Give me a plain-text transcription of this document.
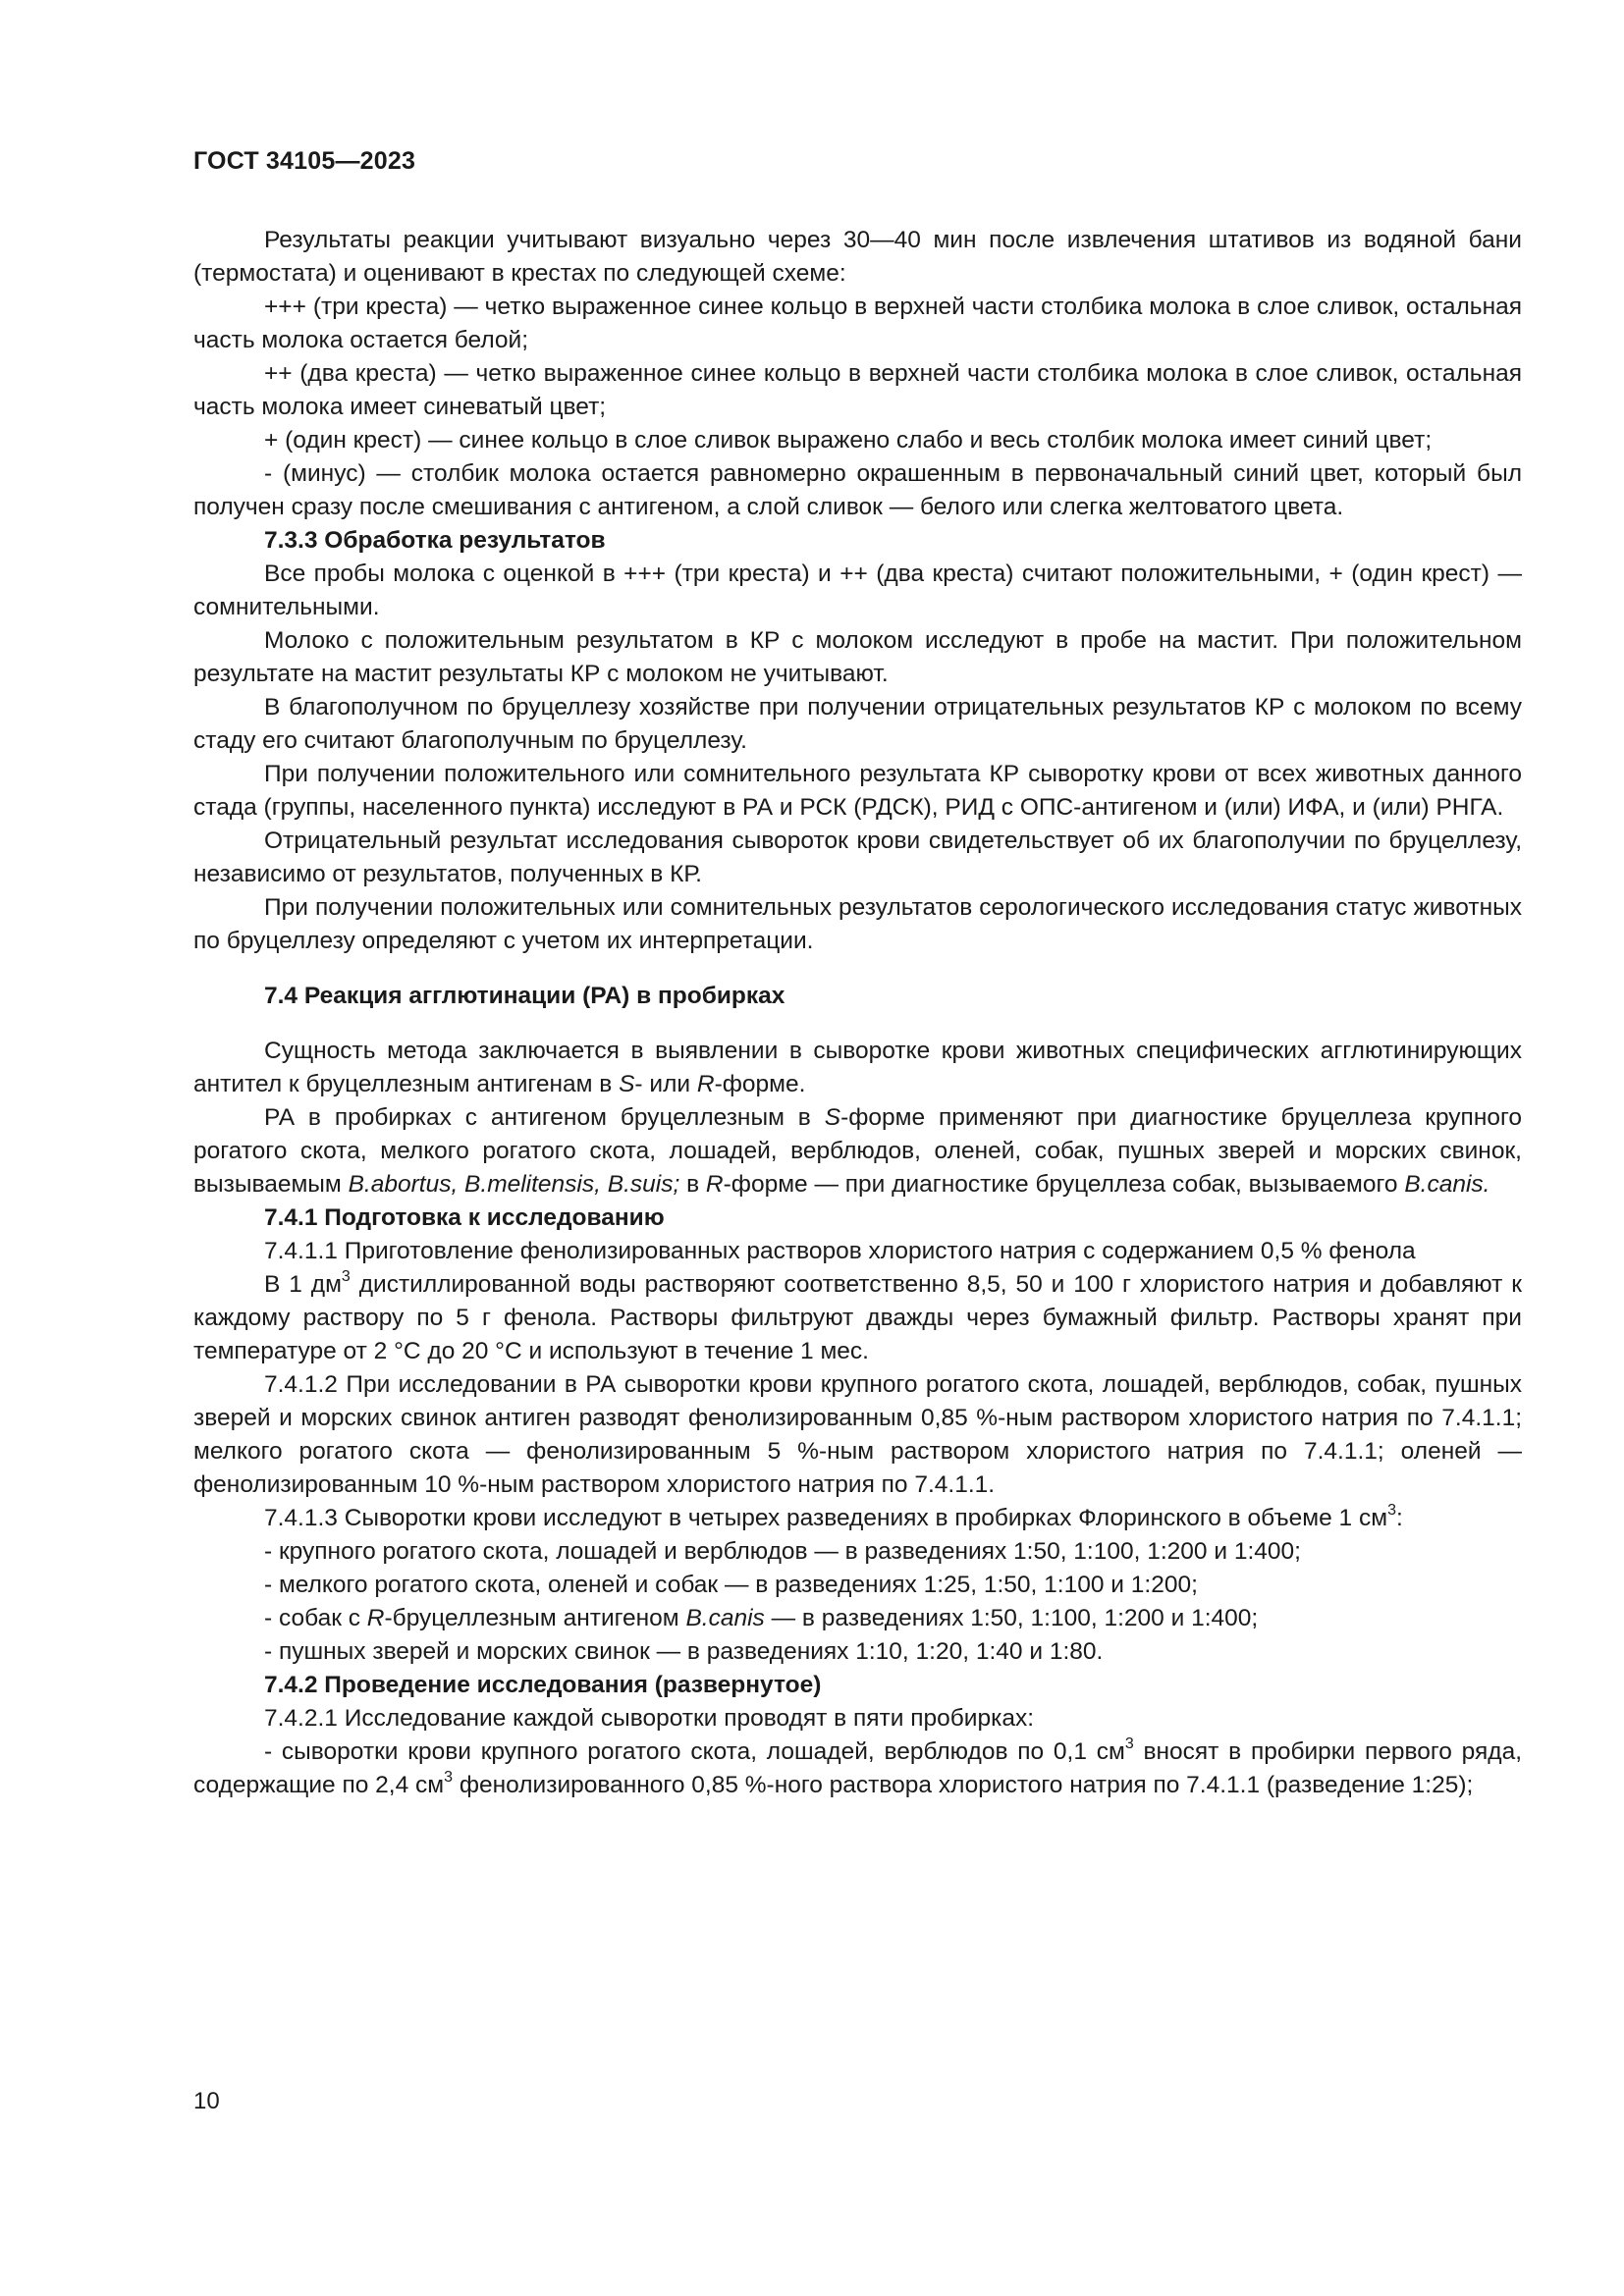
ГОСТ 34105—2023

Результаты реакции учитывают визуально через 30—40 мин после извлечения штативов из водяной бани (термостата) и оценивают в крестах по следующей схеме:

+++ (три креста) — четко выраженное синее кольцо в верхней части столбика молока в слое сливок, остальная часть молока остается белой;

++ (два креста) — четко выраженное синее кольцо в верхней части столбика молока в слое сливок, остальная часть молока имеет синеватый цвет;

+ (один крест) — синее кольцо в слое сливок выражено слабо и весь столбик молока имеет синий цвет;

- (минус) — столбик молока остается равномерно окрашенным в первоначальный синий цвет, который был получен сразу после смешивания с антигеном, а слой сливок — белого или слегка желтоватого цвета.

7.3.3 Обработка результатов

Все пробы молока с оценкой в +++ (три креста) и ++ (два креста) считают положительными, + (один крест) — сомнительными.

Молоко с положительным результатом в КР с молоком исследуют в пробе на мастит. При положительном результате на мастит результаты КР с молоком не учитывают.

В благополучном по бруцеллезу хозяйстве при получении отрицательных результатов КР с молоком по всему стаду его считают благополучным по бруцеллезу.

При получении положительного или сомнительного результата КР сыворотку крови от всех животных данного стада (группы, населенного пункта) исследуют в РА и РСК (РДСК), РИД с ОПС-антигеном и (или) ИФА, и (или) РНГА.

Отрицательный результат исследования сывороток крови свидетельствует об их благополучии по бруцеллезу, независимо от результатов, полученных в КР.

При получении положительных или сомнительных результатов серологического исследования статус животных по бруцеллезу определяют с учетом их интерпретации.

7.4 Реакция агглютинации (РА) в пробирках

Сущность метода заключается в выявлении в сыворотке крови животных специфических агглютинирующих антител к бруцеллезным антигенам в S- или R-форме.

РА в пробирках с антигеном бруцеллезным в S-форме применяют при диагностике бруцеллеза крупного рогатого скота, мелкого рогатого скота, лошадей, верблюдов, оленей, собак, пушных зверей и морских свинок, вызываемым B.abortus, B.melitensis, B.suis; в R-форме — при диагностике бруцеллеза собак, вызываемого B.canis.

7.4.1 Подготовка к исследованию

7.4.1.1 Приготовление фенолизированных растворов хлористого натрия с содержанием 0,5 % фенола

В 1 $дм^3$ дистиллированной воды растворяют соответственно 8,5, 50 и 100 г хлористого натрия и добавляют к каждому раствору по 5 г фенола. Растворы фильтруют дважды через бумажный фильтр. Растворы хранят при температуре от 2 °С до 20 °С и используют в течение 1 мес.

7.4.1.2 При исследовании в РА сыворотки крови крупного рогатого скота, лошадей, верблюдов, собак, пушных зверей и морских свинок антиген разводят фенолизированным 0,85 %-ным раствором хлористого натрия по 7.4.1.1; мелкого рогатого скота — фенолизированным 5 %-ным раствором хлористого натрия по 7.4.1.1; оленей — фенолизированным 10 %-ным раствором хлористого натрия по 7.4.1.1.

7.4.1.3 Сыворотки крови исследуют в четырех разведениях в пробирках Флоринского в объеме 1 $см^3$:

- крупного рогатого скота, лошадей и верблюдов — в разведениях 1:50, 1:100, 1:200 и 1:400;

- мелкого рогатого скота, оленей и собак — в разведениях 1:25, 1:50, 1:100 и 1:200;

- собак с R-бруцеллезным антигеном B.canis — в разведениях 1:50, 1:100, 1:200 и 1:400;

- пушных зверей и морских свинок — в разведениях 1:10, 1:20, 1:40 и 1:80.

7.4.2 Проведение исследования (развернутое)

7.4.2.1 Исследование каждой сыворотки проводят в пяти пробирках:

- сыворотки крови крупного рогатого скота, лошадей, верблюдов по 0,1 $см^3$ вносят в пробирки первого ряда, содержащие по 2,4 $см^3$ фенолизированного 0,85 %-ного раствора хлористого натрия по 7.4.1.1 (разведение 1:25);

10
